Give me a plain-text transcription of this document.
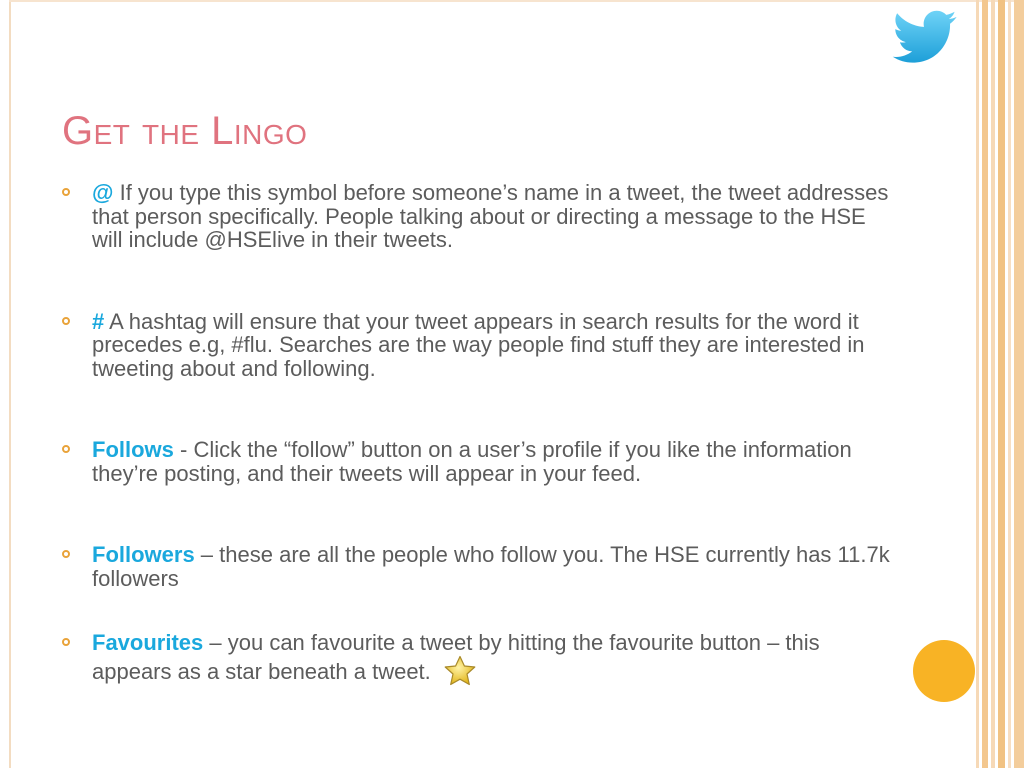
Get the Lingo
@ If you type this symbol before someone’s name in a tweet, the tweet addresses that person specifically. People talking about or directing a message to the HSE will include @HSElive in their tweets.
# A hashtag will ensure that your tweet appears in search results for the word it precedes e.g, #flu. Searches are the way people find stuff they are interested in tweeting about and following.
Follows - Click the “follow” button on a user’s profile if you like the information they’re posting, and their tweets will appear in your feed.
Followers – these are all the people who follow you. The HSE currently has 11.7k followers
Favourites – you can favourite a tweet by hitting the favourite button – this appears as a star beneath a tweet.
